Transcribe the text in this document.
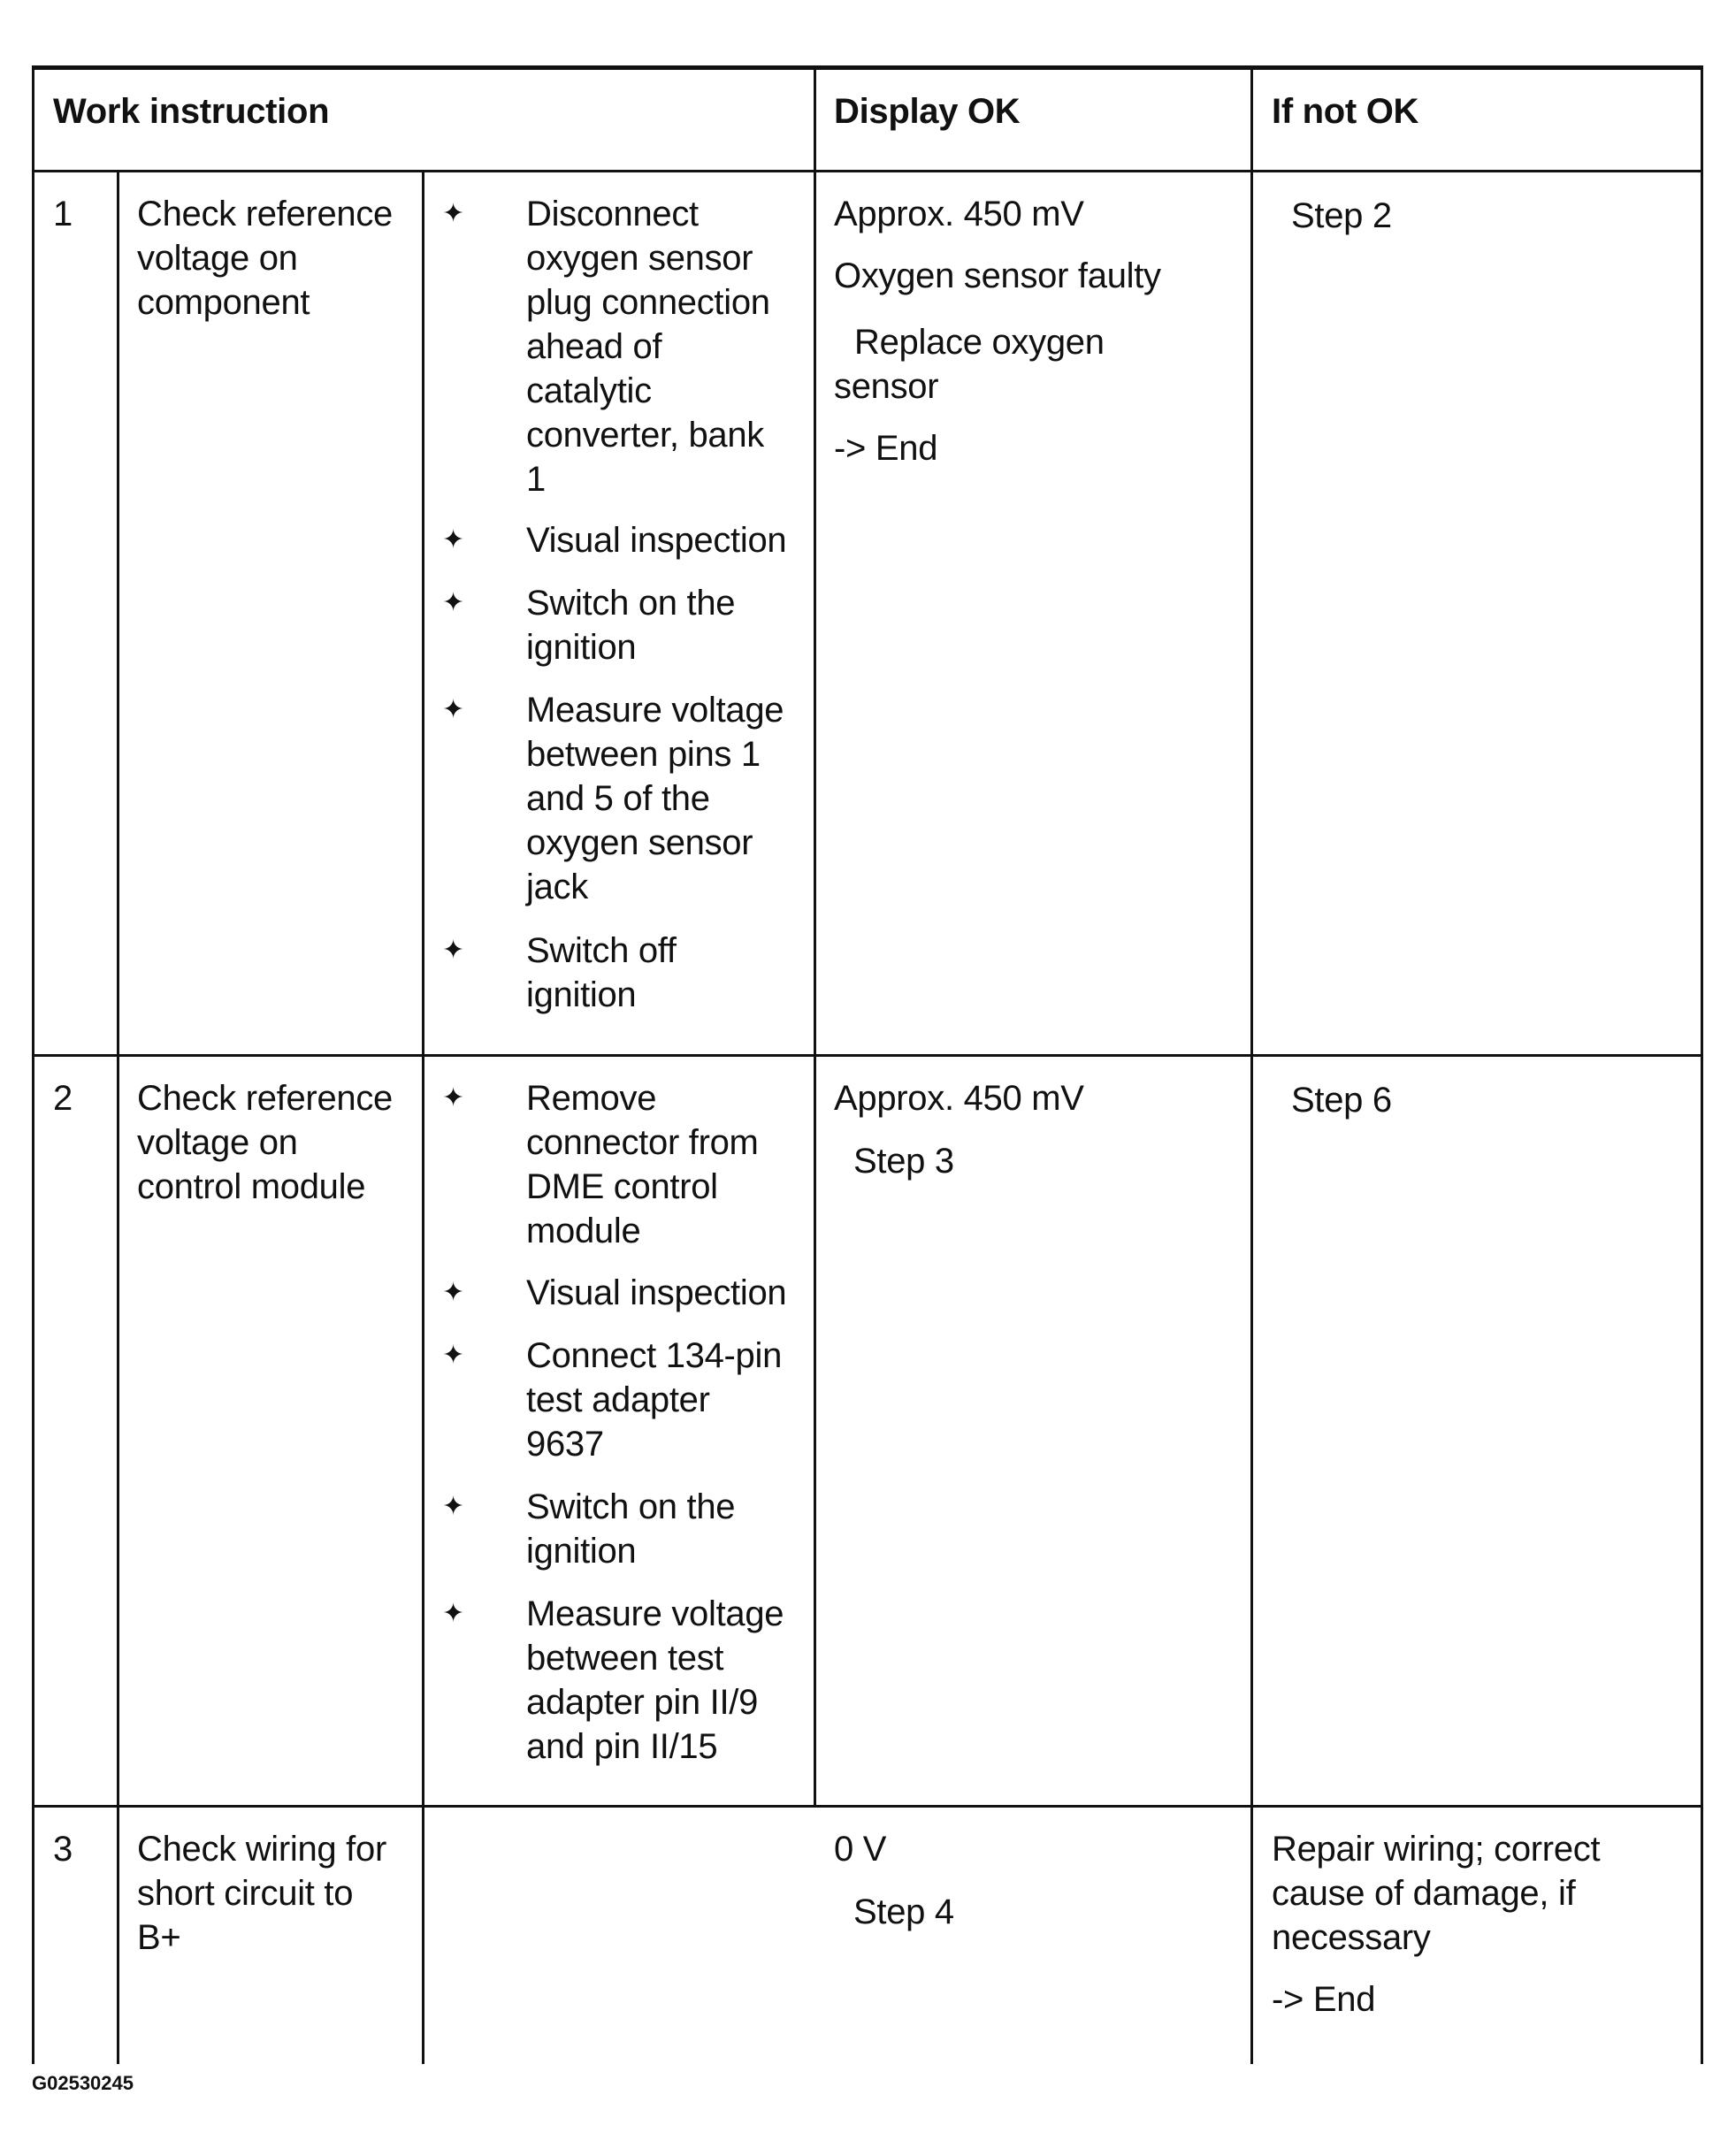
Work instruction	Display OK	If not OK
1 Check reference
voltage on
component
✦ Disconnect
oxygen sensor
plug connection
ahead of
catalytic
converter, bank
1
✦ Visual inspection
✦ Switch on the
ignition
✦ Measure voltage
between pins 1
and 5 of the
oxygen sensor
jack
✦ Switch off
ignition
Approx. 450 mV
Oxygen sensor faulty
Replace oxygen
sensor
-> End
Step 2
2 Check reference
voltage on
control module
✦ Remove
connector from
DME control
module
✦ Visual inspection
✦ Connect 134-pin
test adapter
9637
✦ Switch on the
ignition
✦ Measure voltage
between test
adapter pin II/9
and pin II/15
Approx. 450 mV
Step 3
Step 6
3 Check wiring for
short circuit to
B+
0 V
Step 4
Repair wiring; correct
cause of damage, if
necessary
-> End
G02530245
